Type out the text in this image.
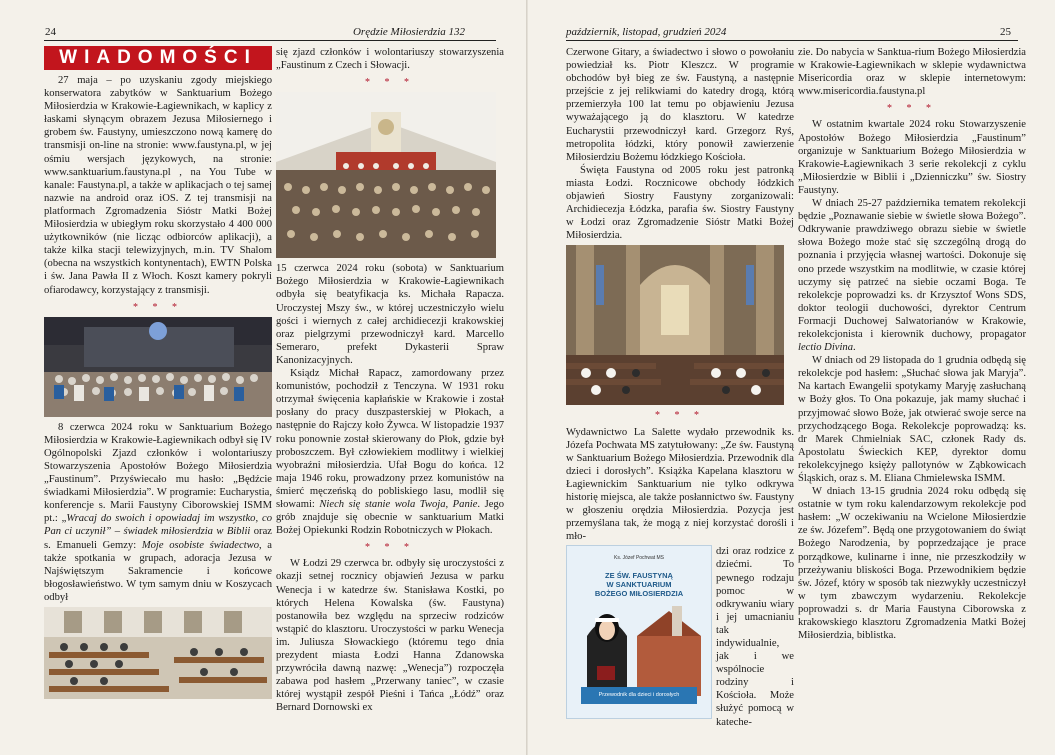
24	Orędzie Miłosierdzia 132
WIADOMOŚCI

27 maja – po uzyskaniu zgody miejskiego konserwatora zabytków w Sanktuarium Bożego Miłosierdzia w Krakowie-Łagiewnikach, w kaplicy z łaskami słynącym obrazem Jezusa Miłosiernego i grobem św. Faustyny, umieszczono nową kamerę do transmisji on-line na stronie: www.faustyna.pl, w jej ośmiu wersjach językowych, na stronie: www.sanktuarium.faustyna.pl , na You Tube w kanale: Faustyna.pl, a także w aplikacjach o tej samej nazwie na android oraz iOS. Z tej transmisji na platformach Zgromadzenia Sióstr Matki Bożej Miłosierdzia w ubiegłym roku skorzystało 4 400 000 użytkowników (nie licząc odbiorców aplikacji), a także kilka stacji telewizyjnych, m.in. TV Shalom (obecna na wszystkich kontynentach), EWTN Polska i św. Jana Pawła II z Włoch. Koszt kamery pokryli ofiarodawcy, korzystający z transmisji.

* * *

8 czerwca 2024 roku w Sanktuarium Bożego Miłosierdzia w Krakowie-Łagiewnikach odbył się IV Ogólnopolski Zjazd członków i wolontariuszy Stowarzyszenia Apostołów Bożego Miłosierdzia „Faustinum”. Przyświecało mu hasło: „Będźcie świadkami Miłosierdzia”. W programie: Eucharystia, konferencje s. Marii Faustyny Ciborowskiej ISMM pt.: „Wracaj do swoich i opowiadaj im wszystko, co Pan ci uczynił” – świadek miłosierdzia w Biblii oraz s. Emanueli Gemzy: Moje osobiste świadectwo, a także spotkania w grupach, adoracja Jezusa w Najświętszym Sakramencie i końcowe błogosławieństwo. W tym samym dniu w Koszycach odbył

się zjazd członków i wolontariuszy stowarzyszenia „Faustinum z Czech i Słowacji.

* * *

15 czerwca 2024 roku (sobota) w Sanktuarium Bożego Miłosierdzia w Krakowie-Łagiewnikach odbyła się beatyfikacja ks. Michała Rapacza. Uroczystej Mszy św., w której uczestniczyło wielu gości i wiernych z całej archidiecezji krakowskiej oraz pielgrzymi przewodniczył kard. Marcello Semeraro, prefekt Dykasterii Spraw Kanonizacyjnych.

Ksiądz Michał Rapacz, zamordowany przez komunistów, pochodził z Tenczyna. W 1931 roku otrzymał święcenia kapłańskie w Krakowie i został posłany do pracy duszpasterskiej w Płokach, a następnie do Rajczy koło Żywca. W listopadzie 1937 roku ponownie został skierowany do Płok, gdzie był proboszczem. Był człowiekiem modlitwy i wielkiej wyobraźni miłosierdzia. Ufał Bogu do końca. 12 maja 1946 roku, prowadzony przez komunistów na śmierć męczeńską do pobliskiego lasu, modlił się słowami: Niech się stanie wola Twoja, Panie. Jego grób znajduje się obecnie w sanktuarium Matki Bożej Opiekunki Rodzin Robotniczych w Płokach.

* * *

W Łodzi 29 czerwca br. odbyły się uroczystości z okazji setnej rocznicy objawień Jezusa w parku Wenecja i w katedrze św. Stanisława Kostki, po których Helena Kowalska (św. Faustyna) postanowiła bez względu na sprzeciw rodziców wstąpić do klasztoru. Uroczystości w parku Wenecja im. Juliusza Słowackiego (któremu tego dnia prezydent miasta Łodzi Hanna Zdanowska przywróciła dawną nazwę: „Wenecja”) rozpoczęła zabawa pod hasłem „Przerwany taniec”, w czasie której wystąpił zespół Pieśni i Tańca „Łódź” oraz Bernard Dornowski ex

październik, listopad, grudzień 2024	25

Czerwone Gitary, a świadectwo i słowo o powołaniu powiedział ks. Piotr Kleszcz. W programie obchodów był bieg ze św. Faustyną, a następnie przejście z jej relikwiami do katedry drogą, którą przemierzyła 100 lat temu po objawieniu Jezusa wyważającego ją do klasztoru. W katedrze Eucharystii przewodniczył kard. Grzegorz Ryś, metropolita łódzki, który ponowił zawierzenie Miłosierdziu Bożemu łódzkiego Kościoła.

Święta Faustyna od 2005 roku jest patronką miasta Łodzi. Rocznicowe obchody łódzkich objawień Siostry Faustyny zorganizowali: Archidiecezja Łódzka, parafia św. Siostry Faustyny w Łodzi oraz Zgromadzenie Sióstr Matki Bożej Miłosierdzia.

* * *

Wydawnictwo La Salette wydało przewodnik ks. Józefa Pochwata MS zatytułowany: „Ze św. Faustyną w Sanktuarium Bożego Miłosierdzia. Przewodnik dla dzieci i dorosłych”. Książka Kapelana klasztoru w Łagiewnickim Sanktuarium nie tylko odkrywa historię miejsca, ale także posłannictwo św. Faustyny w głoszeniu orędzia Miłosierdzia. Pozycja jest przemyślana tak, że mogą z niej korzystać dorośli i mło-

Ks. Józef Pochwat MS
ZE ŚW. FAUSTYNĄ
W SANKTUARIUM
BOŻEGO MIŁOSIERDZIA
Przewodnik dla dzieci i dorosłych

dzi oraz rodzice z dziećmi. To pewnego rodzaju pomoc w odkrywaniu wiary i jej umacnianiu tak indywidualnie, jak i we wspólnocie rodziny i Kościoła. Może służyć pomocą w kateche-

zie. Do nabycia w Sanktua-rium Bożego Miłosierdzia w Krakowie-Łagiewnikach w sklepie wydawnictwa Misericordia oraz w sklepie internetowym: www.misericordia.faustyna.pl

* * *

W ostatnim kwartale 2024 roku Stowarzyszenie Apostołów Bożego Miłosierdzia „Faustinum” organizuje w Sanktuarium Bożego Miłosierdzia w Krakowie-Łagiewnikach 3 serie rekolekcji z cyklu „Miłosierdzie w Biblii i „Dzienniczku” św. Siostry Faustyny.

W dniach 25-27 października tematem rekolekcji będzie „Poznawanie siebie w świetle słowa Bożego”. Odkrywanie prawdziwego obrazu siebie w świetle słowa Bożego może stać się szczególną drogą do poznania i przyjęcia własnej wartości. Dokonuje się ono przede wszystkim na modlitwie, w czasie której uczymy się patrzeć na siebie oczami Boga. Te rekolekcje poprowadzi ks. dr Krzysztof Wons SDS, doktor teologii duchowości, dyrektor Centrum Formacji Duchowej Salwatorianów w Krakowie, rekolekcjonista i kierownik duchowy, propagator lectio Divina.

W dniach od 29 listopada do 1 grudnia odbędą się rekolekcje pod hasłem: „Słuchać słowa jak Maryja”. Na kartach Ewangelii spotykamy Maryję zasłuchaną w Boży głos. To Ona pokazuje, jak mamy słuchać i przyjmować słowo Boże, jak otwierać swoje serce na przychodzącego Boga. Rekolekcje poprowadzą: ks. dr Marek Chmielniak SAC, członek Rady ds. Apostolatu Świeckich KEP, dyrektor domu rekolekcyjnego księży pallotynów w Ząbkowicach Śląskich, oraz s. M. Eliana Chmielewska ISMM.

W dniach 13-15 grudnia 2024 roku odbędą się ostatnie w tym roku kalendarzowym rekolekcje pod hasłem: „W oczekiwaniu na Wcielone Miłosierdzie ze św. Józefem”. Będą one przygotowaniem do świąt Bożego Narodzenia, by poprzedzające je prace porządkowe, kulinarne i inne, nie przeszkodziły w przeżywaniu bliskości Boga. Przewodnikiem będzie św. Józef, który w sposób tak niezwykły uczestniczył w tym zbawczym wydarzeniu. Rekolekcje poprowadzi s. dr Maria Faustyna Ciborowska z krakowskiego klasztoru Zgromadzenia Matki Bożej Miłosierdzia, biblistka.
